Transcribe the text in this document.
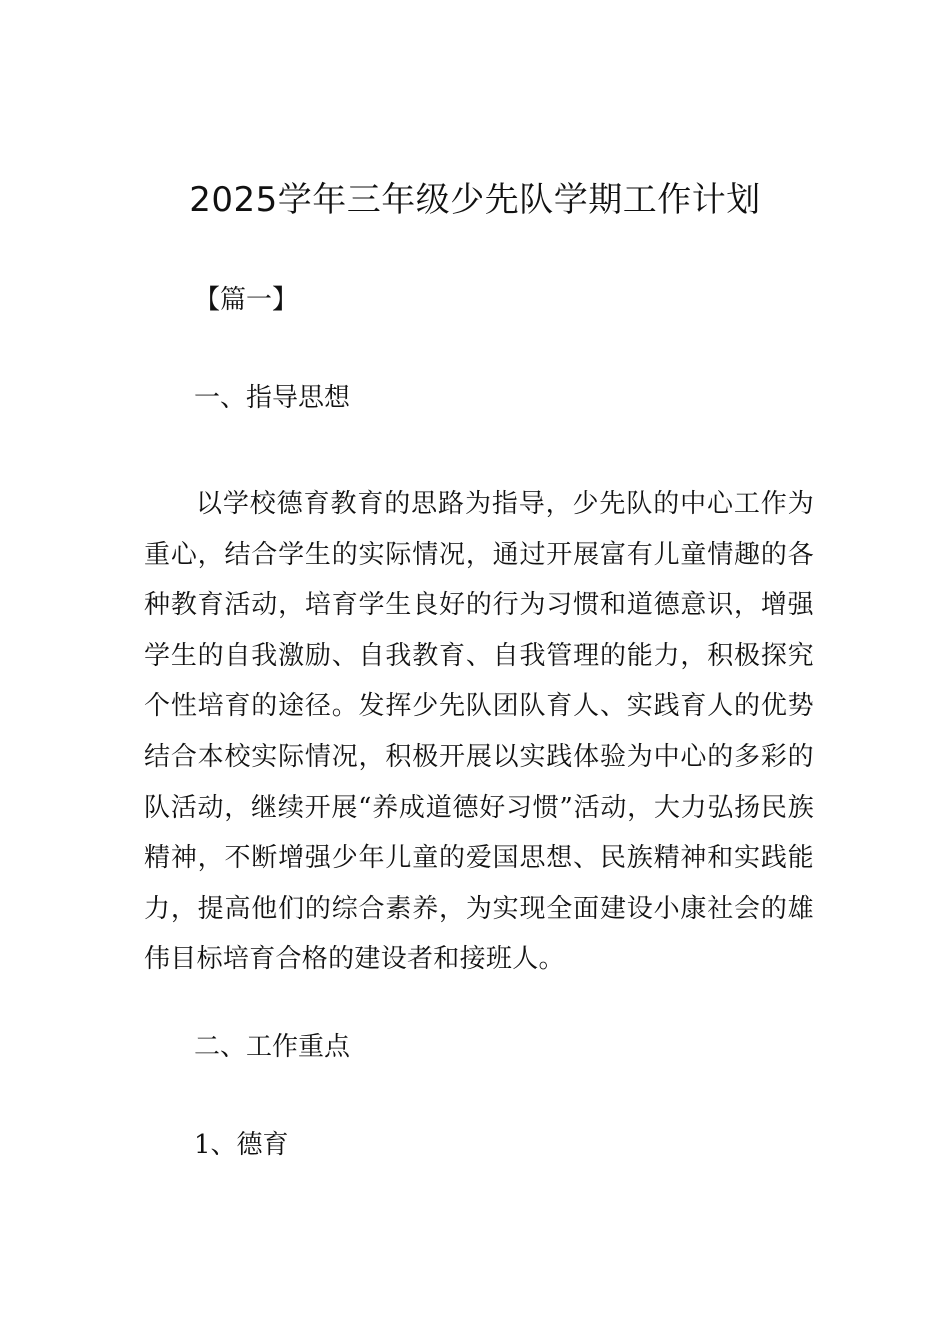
2025学年三年级少先队学期工作计划
【篇一】
一、指导思想

以学校德育教育的思路为指导，少先队的中心工作为重心，结合学生的实际情况，通过开展富有儿童情趣的各种教育活动，培育学生良好的行为习惯和道德意识，增强学生的自我激励、自我教育、自我管理的能力，积极探究个性培育的途径。发挥少先队团队育人、实践育人的优势结合本校实际情况，积极开展以实践体验为中心的多彩的队活动，继续开展“养成道德好习惯”活动，大力弘扬民族精神，不断增强少年儿童的爱国思想、民族精神和实践能力，提高他们的综合素养，为实现全面建设小康社会的雄伟目标培育合格的建设者和接班人。

二、工作重点
1、德育
